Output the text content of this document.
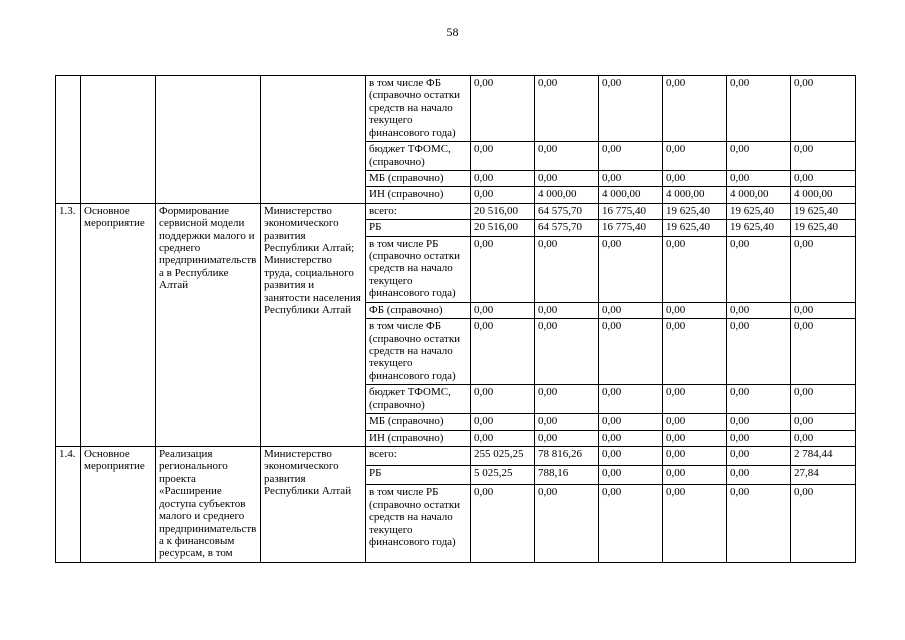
58
				в том числе ФБ (справочно остатки средств на начало текущего финансового года)	0,00	0,00	0,00	0,00	0,00	0,00
				бюджет ТФОМС, (справочно)	0,00	0,00	0,00	0,00	0,00	0,00
				МБ (справочно)	0,00	0,00	0,00	0,00	0,00	0,00
				ИН (справочно)	0,00	4 000,00	4 000,00	4 000,00	4 000,00	4 000,00
1.3.	Основное мероприятие	Формирование сервисной модели поддержки малого и среднего предпринимательства в Республике Алтай	Министерство экономического развития Республики Алтай; Министерство труда, социального развития и занятости населения Республики Алтай	всего:	20 516,00	64 575,70	16 775,40	19 625,40	19 625,40	19 625,40
				РБ	20 516,00	64 575,70	16 775,40	19 625,40	19 625,40	19 625,40
				в том числе РБ (справочно остатки средств на начало текущего финансового года)	0,00	0,00	0,00	0,00	0,00	0,00
				ФБ (справочно)	0,00	0,00	0,00	0,00	0,00	0,00
				в том числе ФБ (справочно остатки средств на начало текущего финансового года)	0,00	0,00	0,00	0,00	0,00	0,00
				бюджет ТФОМС, (справочно)	0,00	0,00	0,00	0,00	0,00	0,00
				МБ (справочно)	0,00	0,00	0,00	0,00	0,00	0,00
				ИН (справочно)	0,00	0,00	0,00	0,00	0,00	0,00
1.4.	Основное мероприятие	Реализация регионального проекта «Расширение доступа субъектов малого и среднего предпринимательства к финансовым ресурсам, в том	Министерство экономического развития Республики Алтай	всего:	255 025,25	78 816,26	0,00	0,00	0,00	2 784,44
				РБ	5 025,25	788,16	0,00	0,00	0,00	27,84
				в том числе РБ (справочно остатки средств на начало текущего финансового года)	0,00	0,00	0,00	0,00	0,00	0,00
